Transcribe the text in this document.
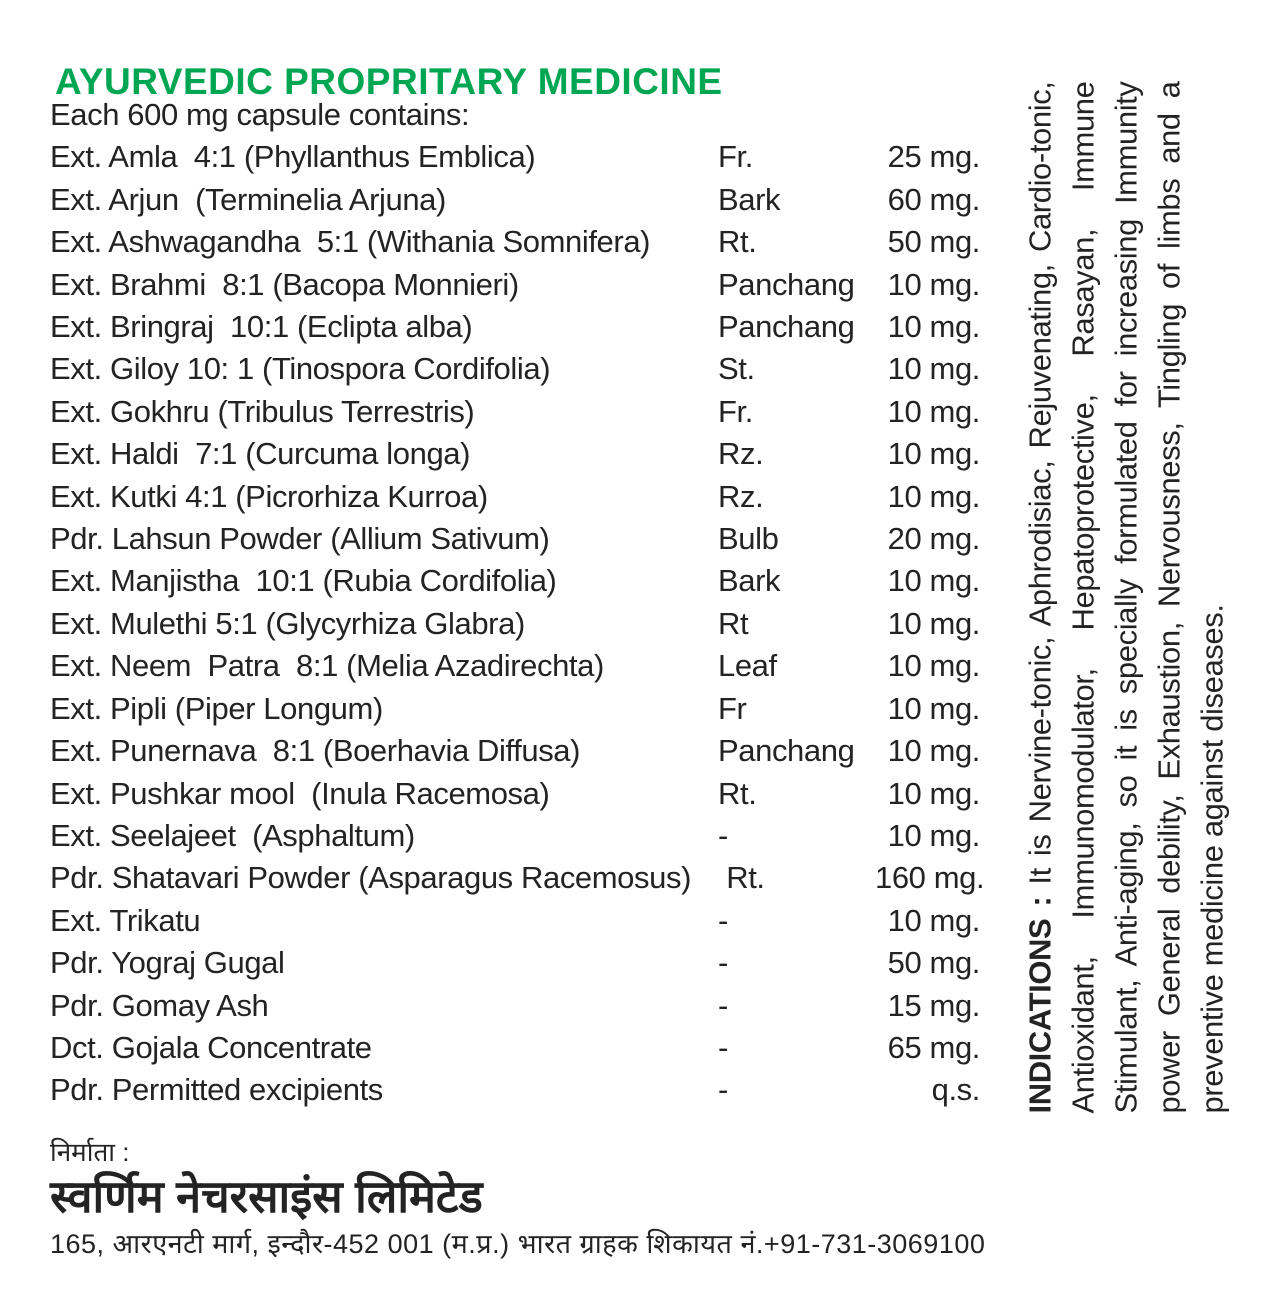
AYURVEDIC PROPRITARY MEDICINE
Each 600 mg capsule contains:
Ext. Amla  4:1 (Phyllanthus Emblica)	Fr.	25 mg.
Ext. Arjun  (Terminelia Arjuna)	Bark	60 mg.
Ext. Ashwagandha  5:1 (Withania Somnifera)	Rt.	50 mg.
Ext. Brahmi  8:1 (Bacopa Monnieri)	Panchang	10 mg.
Ext. Bringraj  10:1 (Eclipta alba)	Panchang	10 mg.
Ext. Giloy 10: 1 (Tinospora Cordifolia)	St.	10 mg.
Ext. Gokhru (Tribulus Terrestris)	Fr.	10 mg.
Ext. Haldi  7:1 (Curcuma longa)	Rz.	10 mg.
Ext. Kutki 4:1 (Picrorhiza Kurroa)	Rz.	10 mg.
Pdr. Lahsun Powder (Allium Sativum)	Bulb	20 mg.
Ext. Manjistha  10:1 (Rubia Cordifolia)	Bark	10 mg.
Ext. Mulethi 5:1 (Glycyrhiza Glabra)	Rt	10 mg.
Ext. Neem  Patra  8:1 (Melia Azadirechta)	Leaf	10 mg.
Ext. Pipli (Piper Longum)	Fr	10 mg.
Ext. Punernava  8:1 (Boerhavia Diffusa)	Panchang	10 mg.
Ext. Pushkar mool  (Inula Racemosa)	Rt.	10 mg.
Ext. Seelajeet  (Asphaltum)	-	10 mg.
Pdr. Shatavari Powder (Asparagus Racemosus) Rt.	160 mg.
Ext. Trikatu	-	10 mg.
Pdr. Yograj Gugal	-	50 mg.
Pdr. Gomay Ash	-	15 mg.
Dct. Gojala Concentrate	-	65 mg.
Pdr. Permitted excipients	-	q.s. INDICATIONS : It is Nervine-tonic, Aphrodisiac, Rejuvenating, Cardio-tonic, Antioxidant, Immunomodulator, Hepatoprotective, Rasayan, Immune Stimulant, Anti-aging, so it is specially formulated for increasing Immunity power General debility, Exhaustion, Nervousness, Tingling of limbs and a preventive medicine against diseases.
निर्माता :
स्वर्णिम नेचरसाइंस लिमिटेड
165, आरएनटी मार्ग, इन्दौर-452 001 (म.प्र.) भारत ग्राहक शिकायत नं.+91-731-3069100
